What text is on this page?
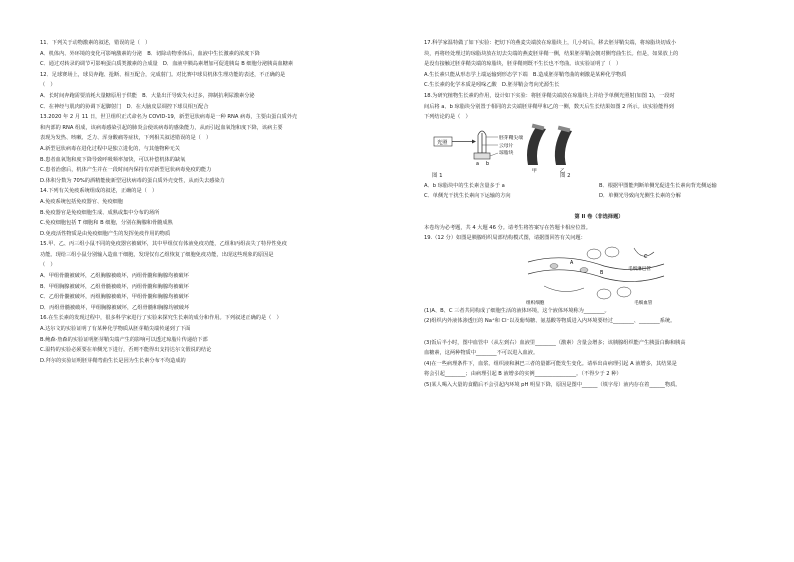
11．下列关于动物激素的叙述，错误的是（　）
A．机体内、外环境的变化可影响激素的分泌　B．切除动物垂体后，血液中生长激素的浓度下降
C．通过对转录的调节可影响蛋白质类激素的合成量　D．血液中胰岛素增加可促进胰岛 B 细胞分泌胰高血糖素
12．足球赛场上，球员奔跑、抢断、相互配合，完成射门。对比赛中球员机体生理功能的表述，不正确的是
（　）
A．长时间奔跑需要消耗大量糖原用于供能　B．大量出汗导致失水过多，抑制抗利尿激素分泌
C．在神经与肌肉的协调下起脚射门　D．在大脑皮层调控下球员相互配合
13.2020 年 2 月 11 日，世卫组织正式命名为 COVID-19，新型冠状病毒是一种 RNA 病毒，主要由蛋白质外壳
和内部的 RNA 组成，该病毒感染引起的肺炎会使该病毒的感染能力，从而引起血氧饱和度下降，该病主要
表现为发热、咳嗽、乏力、浑身酸痛等症状，下列相关叙述错误的是（　）
A.新型冠状病毒在进化过程中是独立进化的，与其他物种无关
B.患者血氧饱和度下降导致呼吸频率加快，可以补偿机体的缺氧
C.患者治愈后，机体产生并在一段时间内保持有对新型冠状病毒免疫的能力
D.体积分数为 70%的酒精能使新型冠状病毒的蛋白质外壳变性，从而失去感染力
14.下列有关免疫系统组成的叙述，正确的是（　）
A.免疫系统包括免疫器官、免疫细胞
B.免疫器官是免疫细胞生成、成熟或集中分布的场所
C.免疫细胞包括 T 细胞和 B 细胞，分别在胸腺和骨髓成熟
D.免疫活性物质是由免疫细胞产生的发挥免疫作用的物质
15.甲、乙、丙三组小鼠不同的免疫器官被破坏，其中甲组仅有体液免疫功能，乙组和丙组丧失了特异性免疫
功能。现给三组小鼠分别输入造血干细胞，发现仅有乙组恢复了细胞免疫功能，出现这些现象的原因是
（　）
A．甲组骨髓被破坏，乙组胸腺被破坏，丙组骨髓和胸腺均被破坏
B．甲组胸腺被破坏，乙组骨髓被破坏，丙组骨髓和胸腺均被破坏
C．乙组骨髓被破坏，丙组胸腺被破坏，甲组骨髓和胸腺均被破坏
D．丙组骨髓被破坏，甲组胸腺被破坏，乙组骨髓和胸腺均被破坏
16.在生长素的发现过程中，很多科学家进行了实验来探究生长素的成分和作用。下列叙述正确的是（　）
A.达尔文的实验证明了有某种化学物质从胚芽鞘尖端传递到了下面
B.鲍森·詹森的实验证明胚芽鞘尖端产生的影响可以透过琼脂片传递给下部
C.温特的实验必须要在单侧光下进行，否则不能得出支持达尔文假说的结论
D.拜尔的实验证明胚芽鞘弯曲生长是因为生长素分布不均造成的
17.科学家温特做了如下实验：把切下的燕麦尖端放在琼脂块上，几小时后，移去胚芽鞘尖端，将琼脂块切成小
块，再将经处理过的琼脂块放在切去尖端的燕麦胚芽鞘一侧，结果胚芽鞘会朝对侧弯曲生长。但是，如果放上的
是没有接触过胚芽鞘尖端的琼脂块，胚芽鞘则既不生长也不弯曲。该实验证明了（　）
A.生长素只能从形态学上端运输到形态学下端　B.造成胚芽鞘弯曲的刺激是某种化学物质
C.生长素的化学本质是吲哚乙酸　D.胚芽鞘会弯向光源生长
18.为研究植物生长素的作用，设计如下实验：将胚芽鞘尖端放在琼脂块上并给予单侧光照射(如图 1)，一段时
间后将 a、b 琼脂块分别置于相同的去尖端胚芽鞘甲和乙的一侧，数天后生长结果如图 2 所示。该实验能得到
下列结论的是（　）
光照
胚芽鞘尖端
云母片
琼脂块
a b
甲	乙
图 1	图 2
A．b 琼脂块中的生长素含量多于 a	B．根据甲图能判断单侧光促进生长素向背光侧运输
C．单侧光干扰生长素向下运输的方向	D．单侧光导致向光侧生长素的分解
第 II 卷（非选择题）
本卷均为必考题，共 4 大题 46 分。请考生将答案写在答题卡相应位置。
19.（12 分）如图是胰腺组织局部结构模式图，请据图回答有关问题：
A
B
C
组织细胞	毛细血管
毛细淋巴管
(1)A、B、C 三者共同构成了细胞生活的液体环境，这个液体环境称为________。
(2)组织内外液体渗透压的 Na⁺和 Cl⁻以及葡萄糖、氨基酸等物质进入内环境要经过________、________系统。
(3)饭后半小时，图中血管中（从左到右）血液里________（激素）含量会增多；该胰腺组织能产生胰蛋白酶和胰高
血糖素，这两种物质中________不可以进入血液。
(4)在一些病理条件下，血浆、组织液和淋巴三者的量都可能发生变化。请举出由病理引起 A 液增多，其结果是
将会引起________；由病理引起 B 液增多的实例________________。（不得少于 2 种）
(5)某人喝入大量的食醋后不会引起内环境 pH 明显下降，原因是图中______（填字母）液内存在着______物质。
